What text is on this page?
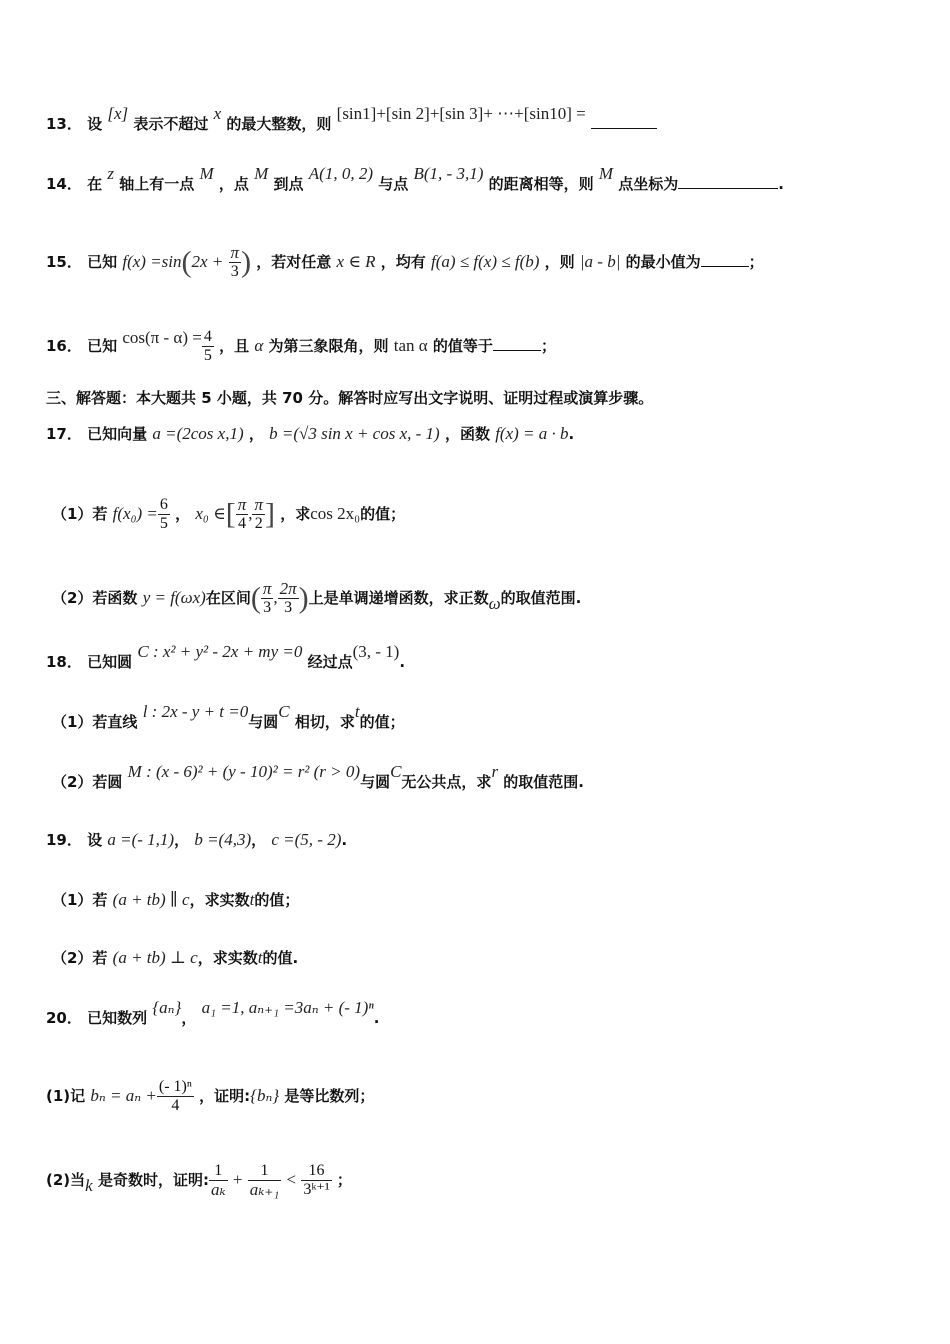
13． 设 [x] 表示不超过 x 的最大整数，则 [sin1]+[sin 2]+[sin 3]+ ⋯+[sin10] =
14． 在 z 轴上有一点 M ，点 M 到点 A(1, 0, 2) 与点 B(1, - 3,1) 的距离相等，则 M 点坐标为	.
15． 已知 $f(x) =\sin(2x + \frac{\pi}{3}$ ) ，若对任意 x ∈ R ，均有 f(a) ≤ f(x) ≤ f(b) ，则 |a - b| 的最小值为	；
16． 已知 $\cos(\pi - \alpha) = \frac{4}{5}$ ，且 α 为第三象限角，则 tan α 的值等于	；
三、解答题：本大题共 5 小题，共 70 分。解答时应写出文字说明、证明过程或演算步骤。
17． 已知向量 a =(2cos x,1) ， b =(√3 sin x + cos x, - 1) ，函数 f(x) = a · b.
（1）若 $f(x_0) = \frac{6}{5}$ ， x₀ ∈[ $\frac{\pi}{4}$ , $\frac{\pi}{2}$ ] ，求cos 2x₀的值；
（2）若函数 y = f(ωx)在区间( $\frac{\pi}{3}$ , $\frac{2\pi}{3}$ )上是单调递增函数，求正数ω的取值范围.
18． 已知圆 C : x² + y² - 2x + my =0 经过点(3, - 1).
（1）若直线 l : 2x - y + t =0与圆C 相切，求t的值；
（2）若圆 M : (x - 6)² + (y - 10)² = r² (r > 0)与圆C无公共点，求r 的取值范围.
19． 设 a =(- 1,1)， b =(4,3)， c =(5, - 2).
（1）若 (a + tb) ∥ c，求实数t的值；
（2）若 (a + tb) ⊥ c，求实数t的值.
20． 已知数列 {aₙ}， a₁ =1, aₙ₊₁ =3aₙ + (- 1)ⁿ.
(1)记 $b_n = a_n + \frac{\text{(- 1)ⁿ}}{4}$ ，证明:{bₙ} 是等比数列；
(2)当k 是奇数时，证明: $\frac{1}{\text{aₖ}} + \frac{1}{\text{aₖ₊₁}} < \frac{16}{\text{3ᵏ⁺¹}}$ ；
